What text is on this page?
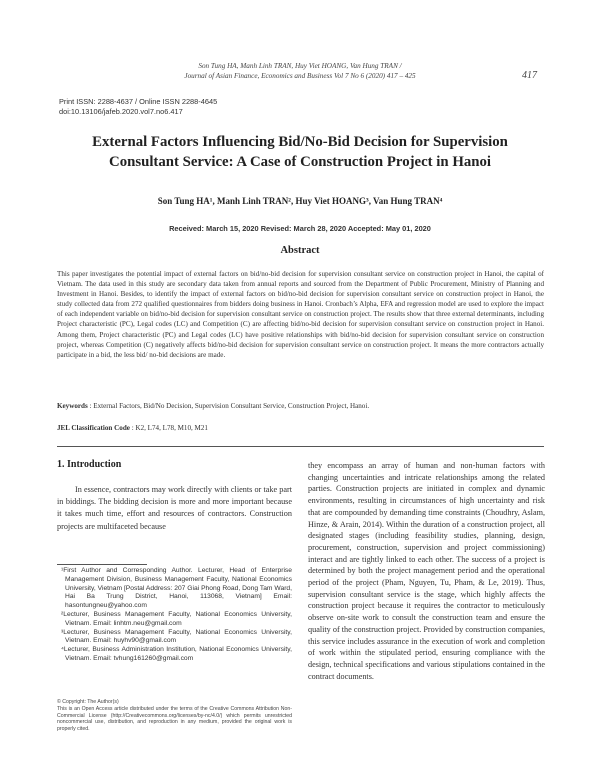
Son Tung HA, Manh Linh TRAN, Huy Viet HOANG, Van Hung TRAN /
Journal of Asian Finance, Economics and Business Vol 7 No 6 (2020) 417 – 425	417
Print ISSN: 2288-4637 / Online ISSN 2288-4645
doi:10.13106/jafeb.2020.vol7.no6.417
External Factors Influencing Bid/No-Bid Decision for Supervision
Consultant Service: A Case of Construction Project in Hanoi
Son Tung HA¹, Manh Linh TRAN², Huy Viet HOANG³, Van Hung TRAN⁴
Received: March 15, 2020 Revised: March 28, 2020 Accepted: May 01, 2020
Abstract
This paper investigates the potential impact of external factors on bid/no-bid decision for supervision consultant service on construction project in Hanoi, the capital of Vietnam. The data used in this study are secondary data taken from annual reports and sourced from the Department of Public Procurement, Ministry of Planning and Investment in Hanoi. Besides, to identify the impact of external factors on bid/no-bid decision for supervision consultant service on construction project in Hanoi, the study collected data from 272 qualified questionnaires from bidders doing business in Hanoi. Cronbach’s Alpha, EFA and regression model are used to explore the impact of each independent variable on bid/no-bid decision for supervision consultant service on construction project. The results show that three external determinants, including Project characteristic (PC), Legal codes (LC) and Competition (C) are affecting bid/no-bid decision for supervision consultant service on construction project in Hanoi. Among them, Project characteristic (PC) and Legal codes (LC) have positive relationships with bid/no-bid decision for supervision consultant service on construction project, whereas Competition (C) negatively affects bid/no-bid decision for supervision consultant service on construction project. It means the more contractors actually participate in a bid, the less bid/ no-bid decisions are made.
Keywords : External Factors, Bid/No Decision, Supervision Consultant Service, Construction Project, Hanoi.
JEL Classification Code : K2, L74, L78, M10, M21
1. Introduction
In essence, contractors may work directly with clients or take part in biddings. The bidding decision is more and more important because it takes much time, effort and resources of contractors. Construction projects are multifaceted because

¹First Author and Corresponding Author. Lecturer, Head of Enterprise Management Division, Business Management Faculty, National Economics University, Vietnam [Postal Address: 207 Giai Phong Road, Dong Tam Ward, Hai Ba Trung District, Hanoi, 113068, Vietnam] Email: hasontungneu@yahoo.com

²Lecturer, Business Management Faculty, National Economics University, Vietnam. Email: linhtm.neu@gmail.com

³Lecturer, Business Management Faculty, National Economics University, Vietnam. Email: huyhv90@gmail.com

⁴Lecturer, Business Administration Institution, National Economics University, Vietnam. Email: tvhung161260@gmail.com

© Copyright: The Author(s)

This is an Open Access article distributed under the terms of the Creative Commons Attribution Non-Commercial License (http://Creativecommons.org/licenses/by-nc/4.0/) which permits unrestricted noncommercial use, distribution, and reproduction in any medium, provided the original work is properly cited.

they encompass an array of human and non-human factors with changing uncertainties and intricate relationships among the related parties. Construction projects are initiated in complex and dynamic environments, resulting in circumstances of high uncertainty and risk that are compounded by demanding time constraints (Choudhry, Aslam, Hinze, & Arain, 2014). Within the duration of a construction project, all designated stages (including feasibility studies, planning, design, procurement, construction, supervision and project commissioning) interact and are tightly linked to each other. The success of a project is determined by both the project management period and the operational period of the project (Pham, Nguyen, Tu, Pham, & Le, 2019). Thus, supervision consultant service is the stage, which highly affects the construction project because it requires the contractor to meticulously observe on-site work to consult the construction team and ensure the quality of the construction project. Provided by construction companies, this service includes assurance in the execution of work and completion of work within the stipulated period, ensuring compliance with the design, technical specifications and various stipulations contained in the contract documents.
